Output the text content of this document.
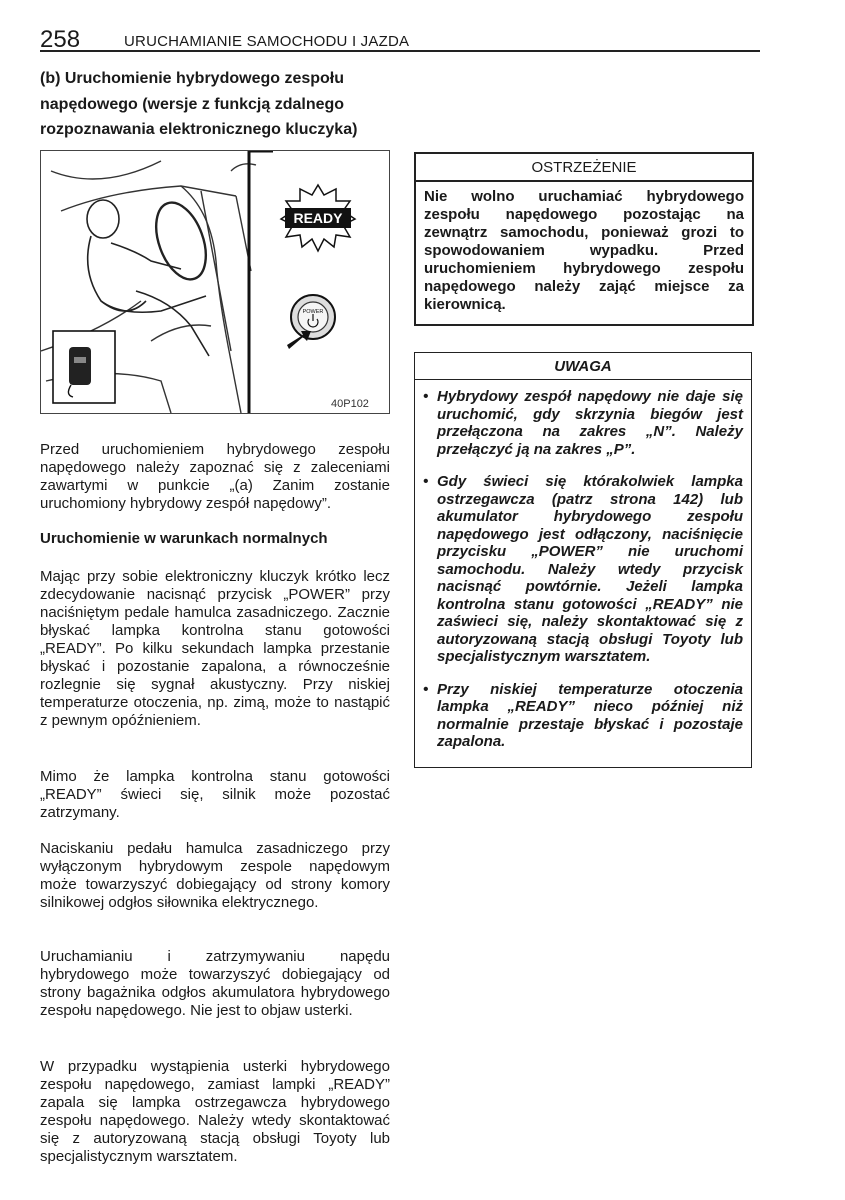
258	URUCHAMIANIE SAMOCHODU I JAZDA
(b) Uruchomienie hybrydowego zespołu napędowego (wersje z funkcją zdalnego rozpoznawania elektronicznego kluczyka)
READY
POWER
40P102
Przed uruchomieniem hybrydowego zespołu napędowego należy zapoznać się z zaleceniami zawartymi w punkcie „(a) Zanim zostanie uruchomiony hybrydowy zespół napędowy”.
Uruchomienie w warunkach normalnych
Mając przy sobie elektroniczny kluczyk krótko lecz zdecydowanie nacisnąć przycisk „POWER” przy naciśniętym pedale hamulca zasadniczego. Zacznie błyskać lampka kontrolna stanu gotowości „READY”. Po kilku sekundach lampka przestanie błyskać i pozostanie zapalona, a równocześnie rozlegnie się sygnał akustyczny. Przy niskiej temperaturze otoczenia, np. zimą, może to nastąpić z pewnym opóźnieniem.
Mimo że lampka kontrolna stanu gotowości „READY” świeci się, silnik może pozostać zatrzymany.
Naciskaniu pedału hamulca zasadniczego przy wyłączonym hybrydowym zespole napędowym może towarzyszyć dobiegający od strony komory silnikowej odgłos siłownika elektrycznego.
Uruchamianiu i zatrzymywaniu napędu hybrydowego może towarzyszyć dobiegający od strony bagażnika odgłos akumulatora hybrydowego zespołu napędowego. Nie jest to objaw usterki.
W przypadku wystąpienia usterki hybrydowego zespołu napędowego, zamiast lampki „READY” zapala się lampka ostrzegawcza hybrydowego zespołu napędowego. Należy wtedy skontaktować się z autoryzowaną stacją obsługi Toyoty lub specjalistycznym warsztatem.
OSTRZEŻENIE
Nie wolno uruchamiać hybrydowego zespołu napędowego pozostając na zewnątrz samochodu, ponieważ grozi to spowodowaniem wypadku. Przed uruchomieniem hybrydowego zespołu napędowego należy zająć miejsce za kierownicą.
UWAGA
• Hybrydowy zespół napędowy nie daje się uruchomić, gdy skrzynia biegów jest przełączona na zakres „N”. Należy przełączyć ją na zakres „P”.
• Gdy świeci się którakolwiek lampka ostrzegawcza (patrz strona 142) lub akumulator hybrydowego zespołu napędowego jest odłączony, naciśnięcie przycisku „POWER” nie uruchomi samochodu. Należy wtedy przycisk nacisnąć powtórnie. Jeżeli lampka kontrolna stanu gotowości „READY” nie zaświeci się, należy skontaktować się z autoryzowaną stacją obsługi Toyoty lub specjalistycznym warsztatem.
• Przy niskiej temperaturze otoczenia lampka „READY” nieco później niż normalnie przestaje błyskać i pozostaje zapalona.
